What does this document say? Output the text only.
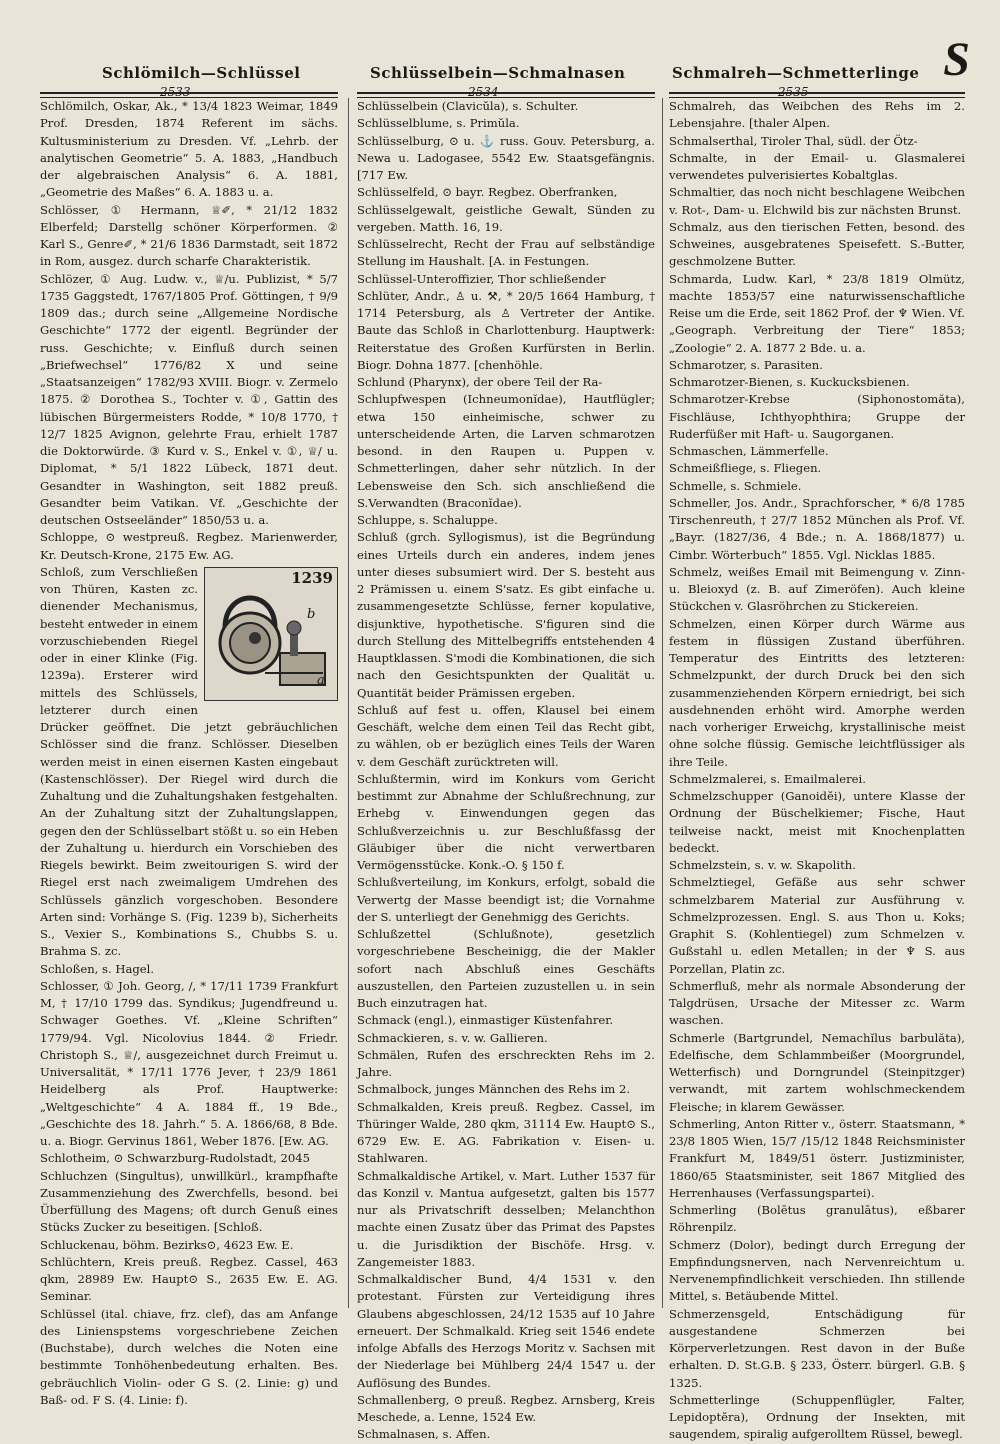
Schlömilch—Schlüssel	Schlüsselbein—Schmalnasen	Schmalreh—Schmetterlinge S
2533	2534	2535

Schlömilch, Oskar, Ak., * 13/4 1823 Weimar, 1849 Prof. Dresden, 1874 Referent im sächs. Kultusministerium zu Dresden. Vf. „Lehrb. der analytischen Geometrie“ 5. A. 1883, „Handbuch der algebraischen Analysis“ 6. A. 1881, „Geometrie des Maßes“ 6. A. 1883 u. a.

Schlösser, ① Hermann, ♕✐, * 21/12 1832 Elberfeld; Darstellg schöner Körperformen. ② Karl S., Genre✐, * 21/6 1836 Darmstadt, seit 1872 in Rom, ausgez. durch scharfe Charakteristik.

Schlözer, ① Aug. Ludw. v., ♕/u. Publizist, * 5/7 1735 Gaggstedt, 1767/1805 Prof. Göttingen, † 9/9 1809 das.; durch seine „Allgemeine Nordische Geschichte“ 1772 der eigentl. Begründer der russ. Geschichte; v. Einfluß durch seinen „Briefwechsel“ 1776/82 X und seine „Staatsanzeigen“ 1782/93 XVIII. Biogr. v. Zermelo 1875. ② Dorothea S., Tochter v. ①, Gattin des lübischen Bürgermeisters Rodde, * 10/8 1770, † 12/7 1825 Avignon, gelehrte Frau, erhielt 1787 die Doktorwürde. ③ Kurd v. S., Enkel v. ①, ♕/ u. Diplomat, * 5/1 1822 Lübeck, 1871 deut. Gesandter in Washington, seit 1882 preuß. Gesandter beim Vatikan. Vf. „Geschichte der deutschen Ostseeländer“ 1850/53 u. a.

Schloppe, ⊙ westpreuß. Regbez. Marienwerder, Kr. Deutsch-Krone, 2175 Ew. AG.

1239
b
a

Schloß, zum Verschließen von Thüren, Kasten zc. dienender Mechanismus, besteht entweder in einem vorzuschiebenden Riegel oder in einer Klinke (Fig. 1239a). Ersterer wird mittels des Schlüssels, letzterer durch einen Drücker geöffnet. Die jetzt gebräuchlichen Schlösser sind die franz. Schlösser. Dieselben werden meist in einen eisernen Kasten eingebaut (Kastenschlösser). Der Riegel wird durch die Zuhaltung und die Zuhaltungshaken festgehalten. An der Zuhaltung sitzt der Zuhaltungslappen, gegen den der Schlüsselbart stößt u. so ein Heben der Zuhaltung u. hierdurch ein Vorschieben des Riegels bewirkt. Beim zweitourigen S. wird der Riegel erst nach zweimaligem Umdrehen des Schlüssels gänzlich vorgeschoben. Besondere Arten sind: Vorhänge S. (Fig. 1239 b), Sicherheits S., Vexier S., Kombinations S., Chubbs S. u. Brahma S. zc.

Schloßen, s. Hagel.

Schlosser, ① Joh. Georg, /, * 17/11 1739 Frankfurt M, † 17/10 1799 das. Syndikus; Jugendfreund u. Schwager Goethes. Vf. „Kleine Schriften“ 1779/94. Vgl. Nicolovius 1844. ② Friedr. Christoph S., ♕/, ausgezeichnet durch Freimut u. Universalität, * 17/11 1776 Jever, † 23/9 1861 Heidelberg als Prof. Hauptwerke: „Weltgeschichte“ 4 A. 1884 ff., 19 Bde., „Geschichte des 18. Jahrh.“ 5. A. 1866/68, 8 Bde. u. a. Biogr. Gervinus 1861, Weber 1876. [Ew. AG.

Schlotheim, ⊙ Schwarzburg-Rudolstadt, 2045

Schluchzen (Singultus), unwillkürl., krampfhafte Zusammenziehung des Zwerchfells, besond. bei Überfüllung des Magens; oft durch Genuß eines Stücks Zucker zu beseitigen. [Schloß.

Schluckenau, böhm. Bezirks⊙, 4623 Ew. E.

Schlüchtern, Kreis preuß. Regbez. Cassel, 463 qkm, 28989 Ew. Haupt⊙ S., 2635 Ew. E. AG. Seminar.

Schlüssel (ital. chiave, frz. clef), das am Anfange des Linienspstems vorgeschriebene Zeichen (Buchstabe), durch welches die Noten eine bestimmte Tonhöhenbedeutung erhalten. Bes. gebräuchlich Violin- oder G S. (2. Linie: g) und Baß- od. F S. (4. Linie: f).

Schlüsselbein (Clavicŭla), s. Schulter.

Schlüsselblume, s. Primŭla.

Schlüsselburg, ⊙ u. ⚓ russ. Gouv. Petersburg, a. Newa u. Ladogasee, 5542 Ew. Staatsgefängnis. [717 Ew.

Schlüsselfeld, ⊙ bayr. Regbez. Oberfranken,

Schlüsselgewalt, geistliche Gewalt, Sünden zu vergeben. Matth. 16, 19.

Schlüsselrecht, Recht der Frau auf selbständige Stellung im Haushalt. [A. in Festungen.

Schlüssel-Unteroffizier, Thor schließender

Schlüter, Andr., ♙ u. ⚒, * 20/5 1664 Hamburg, † 1714 Petersburg, als ♙ Vertreter der Antike. Baute das Schloß in Charlottenburg. Hauptwerk: Reiterstatue des Großen Kurfürsten in Berlin. Biogr. Dohna 1877. [chenhöhle.

Schlund (Pharynx), der obere Teil der Ra-

Schlupfwespen (Ichneumonĭdae), Hautflügler; etwa 150 einheimische, schwer zu unterscheidende Arten, die Larven schmarotzen besond. in den Raupen u. Puppen v. Schmetterlingen, daher sehr nützlich. In der Lebensweise den Sch. sich anschließend die S.Verwandten (Braconĭdae).

Schluppe, s. Schaluppe.

Schluß (grch. Syllogismus), ist die Begründung eines Urteils durch ein anderes, indem jenes unter dieses subsumiert wird. Der S. besteht aus 2 Prämissen u. einem S'satz. Es gibt einfache u. zusammengesetzte Schlüsse, ferner kopulative, disjunktive, hypothetische. S'figuren sind die durch Stellung des Mittelbegriffs entstehenden 4 Hauptklassen. S'modi die Kombinationen, die sich nach den Gesichtspunkten der Qualität u. Quantität beider Prämissen ergeben.

Schluß auf fest u. offen, Klausel bei einem Geschäft, welche dem einen Teil das Recht gibt, zu wählen, ob er bezüglich eines Teils der Waren v. dem Geschäft zurücktreten will.

Schlußtermin, wird im Konkurs vom Gericht bestimmt zur Abnahme der Schlußrechnung, zur Erhebg v. Einwendungen gegen das Schlußverzeichnis u. zur Beschlußfassg der Gläubiger über die nicht verwertbaren Vermögensstücke. Konk.-O. § 150 f.

Schlußverteilung, im Konkurs, erfolgt, sobald die Verwertg der Masse beendigt ist; die Vornahme der S. unterliegt der Genehmigg des Gerichts.

Schlußzettel (Schlußnote), gesetzlich vorgeschriebene Bescheinigg, die der Makler sofort nach Abschluß eines Geschäfts auszustellen, den Parteien zuzustellen u. in sein Buch einzutragen hat.

Schmack (engl.), einmastiger Küstenfahrer.

Schmackieren, s. v. w. Gallieren.

Schmälen, Rufen des erschreckten Rehs im 2. Jahre.

Schmalbock, junges Männchen des Rehs im 2.

Schmalkalden, Kreis preuß. Regbez. Cassel, im Thüringer Walde, 280 qkm, 31114 Ew. Haupt⊙ S., 6729 Ew. E. AG. Fabrikation v. Eisen- u. Stahlwaren.

Schmalkaldische Artikel, v. Mart. Luther 1537 für das Konzil v. Mantua aufgesetzt, galten bis 1577 nur als Privatschrift desselben; Melanchthon machte einen Zusatz über das Primat des Papstes u. die Jurisdiktion der Bischöfe. Hrsg. v. Zangemeister 1883.

Schmalkaldischer Bund, 4/4 1531 v. den protestant. Fürsten zur Verteidigung ihres Glaubens abgeschlossen, 24/12 1535 auf 10 Jahre erneuert. Der Schmalkald. Krieg seit 1546 endete infolge Abfalls des Herzogs Moritz v. Sachsen mit der Niederlage bei Mühlberg 24/4 1547 u. der Auflösung des Bundes.

Schmallenberg, ⊙ preuß. Regbez. Arnsberg, Kreis Meschede, a. Lenne, 1524 Ew.

Schmalnasen, s. Affen.

Schmalreh, das Weibchen des Rehs im 2. Lebensjahre. [thaler Alpen.

Schmalserthal, Tiroler Thal, südl. der Ötz-

Schmalte, in der Email- u. Glasmalerei verwendetes pulverisiertes Kobaltglas.

Schmaltier, das noch nicht beschlagene Weibchen v. Rot-, Dam- u. Elchwild bis zur nächsten Brunst.

Schmalz, aus den tierischen Fetten, besond. des Schweines, ausgebratenes Speisefett. S.-Butter, geschmolzene Butter.

Schmarda, Ludw. Karl, * 23/8 1819 Olmütz, machte 1853/57 eine naturwissenschaftliche Reise um die Erde, seit 1862 Prof. der ♆ Wien. Vf. „Geograph. Verbreitung der Tiere“ 1853; „Zoologie“ 2. A. 1877 2 Bde. u. a.

Schmarotzer, s. Parasiten.

Schmarotzer-Bienen, s. Kuckucksbienen.

Schmarotzer-Krebse (Siphonostomăta), Fischläuse, Ichthyophthira; Gruppe der Ruderfüßer mit Haft- u. Saugorganen.

Schmaschen, Lämmerfelle.

Schmeißfliege, s. Fliegen.

Schmelle, s. Schmiele.

Schmeller, Jos. Andr., Sprachforscher, * 6/8 1785 Tirschenreuth, † 27/7 1852 München als Prof. Vf. „Bayr. (1827/36, 4 Bde.; n. A. 1868/1877) u. Cimbr. Wörterbuch“ 1855. Vgl. Nicklas 1885.

Schmelz, weißes Email mit Beimengung v. Zinn- u. Bleioxyd (z. B. auf Zimeröfen). Auch kleine Stückchen v. Glasröhrchen zu Stickereien.

Schmelzen, einen Körper durch Wärme aus festem in flüssigen Zustand überführen. Temperatur des Eintritts des letzteren: Schmelzpunkt, der durch Druck bei den sich zusammenziehenden Körpern erniedrigt, bei sich ausdehnenden erhöht wird. Amorphe werden nach vorheriger Erweichg, krystallinische meist ohne solche flüssig. Gemische leichtflüssiger als ihre Teile.

Schmelzmalerei, s. Emailmalerei.

Schmelzschupper (Ganoidĕi), untere Klasse der Ordnung der Büschelkiemer; Fische, Haut teilweise nackt, meist mit Knochenplatten bedeckt.

Schmelzstein, s. v. w. Skapolith.

Schmelztiegel, Gefäße aus sehr schwer schmelzbarem Material zur Ausführung v. Schmelzprozessen. Engl. S. aus Thon u. Koks; Graphit S. (Kohlentiegel) zum Schmelzen v. Gußstahl u. edlen Metallen; in der ♆ S. aus Porzellan, Platin zc.

Schmerfluß, mehr als normale Absonderung der Talgdrüsen, Ursache der Mitesser zc. Warm waschen.

Schmerle (Bartgrundel, Nemachĭlus barbulăta), Edelfische, dem Schlammbeißer (Moorgrundel, Wetterfisch) und Dorngrundel (Steinpitzger) verwandt, mit zartem wohlschmeckendem Fleische; in klarem Gewässer.

Schmerling, Anton Ritter v., österr. Staatsmann, * 23/8 1805 Wien, 15/7 /15/12 1848 Reichsminister Frankfurt M, 1849/51 österr. Justizminister, 1860/65 Staatsminister, seit 1867 Mitglied des Herrenhauses (Verfassungspartei).

Schmerling (Bolētus granulātus), eßbarer Röhrenpilz.

Schmerz (Dolor), bedingt durch Erregung der Empfindungsnerven, nach Nervenreichtum u. Nervenempfindlichkeit verschieden. Ihn stillende Mittel, s. Betäubende Mittel.

Schmerzensgeld, Entschädigung für ausgestandene Schmerzen bei Körperverletzungen. Rest davon in der Buße erhalten. D. St.G.B. § 233, Österr. bürgerl. G.B. § 1325.

Schmetterlinge (Schuppenflügler, Falter, Lepidoptĕra), Ordnung der Insekten, mit saugendem, spiralig aufgerolltem Rüssel, bewegl.
